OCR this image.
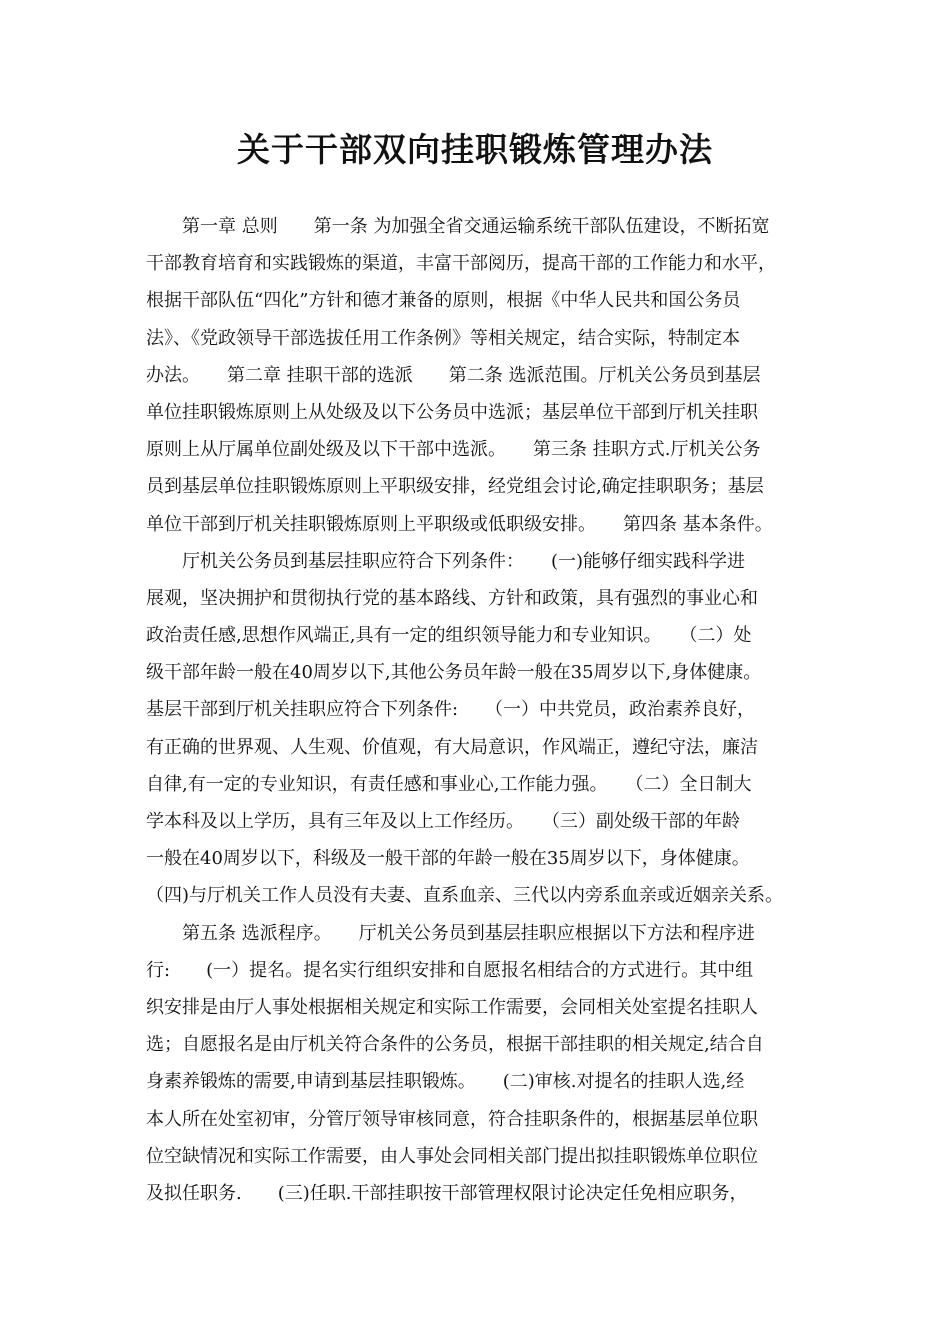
关于干部双向挂职锻炼管理办法
　　第一章 总则　　第一条 为加强全省交通运输系统干部队伍建设，不断拓宽
干部教育培育和实践锻炼的渠道，丰富干部阅历，提高干部的工作能力和水平，
根据干部队伍“四化”方针和德才兼备的原则，根据《中华人民共和国公务员
法》、《党政领导干部选拔任用工作条例》等相关规定，结合实际，特制定本
办法。　　第二章 挂职干部的选派　　第二条 选派范围。厅机关公务员到基层
单位挂职锻炼原则上从处级及以下公务员中选派；基层单位干部到厅机关挂职
原则上从厅属单位副处级及以下干部中选派。　　第三条 挂职方式.厅机关公务
员到基层单位挂职锻炼原则上平职级安排，经党组会讨论,确定挂职职务；基层
单位干部到厅机关挂职锻炼原则上平职级或低职级安排。　　第四条 基本条件。
　　厅机关公务员到基层挂职应符合下列条件：　　(一)能够仔细实践科学进
展观，坚决拥护和贯彻执行党的基本路线、方针和政策，具有强烈的事业心和
政治责任感,思想作风端正,具有一定的组织领导能力和专业知识。　　（二）处
级干部年龄一般在40周岁以下,其他公务员年龄一般在35周岁以下,身体健康。
基层干部到厅机关挂职应符合下列条件:　　（一）中共党员，政治素养良好，
有正确的世界观、人生观、价值观，有大局意识，作风端正，遵纪守法，廉洁
自律,有一定的专业知识，有责任感和事业心,工作能力强。　　（二）全日制大
学本科及以上学历，具有三年及以上工作经历。　　（三）副处级干部的年龄
一般在40周岁以下，科级及一般干部的年龄一般在35周岁以下，身体健康。
（四)与厅机关工作人员没有夫妻、直系血亲、三代以内旁系血亲或近姻亲关系。
　　第五条 选派程序。　　厅机关公务员到基层挂职应根据以下方法和程序进
行:　　(一）提名。提名实行组织安排和自愿报名相结合的方式进行。其中组
织安排是由厅人事处根据相关规定和实际工作需要，会同相关处室提名挂职人
选；自愿报名是由厅机关符合条件的公务员，根据干部挂职的相关规定,结合自
身素养锻炼的需要,申请到基层挂职锻炼。　　(二)审核.对提名的挂职人选,经
本人所在处室初审，分管厅领导审核同意，符合挂职条件的，根据基层单位职
位空缺情况和实际工作需要，由人事处会同相关部门提出拟挂职锻炼单位职位
及拟任职务.　　(三)任职.干部挂职按干部管理权限讨论决定任免相应职务，
